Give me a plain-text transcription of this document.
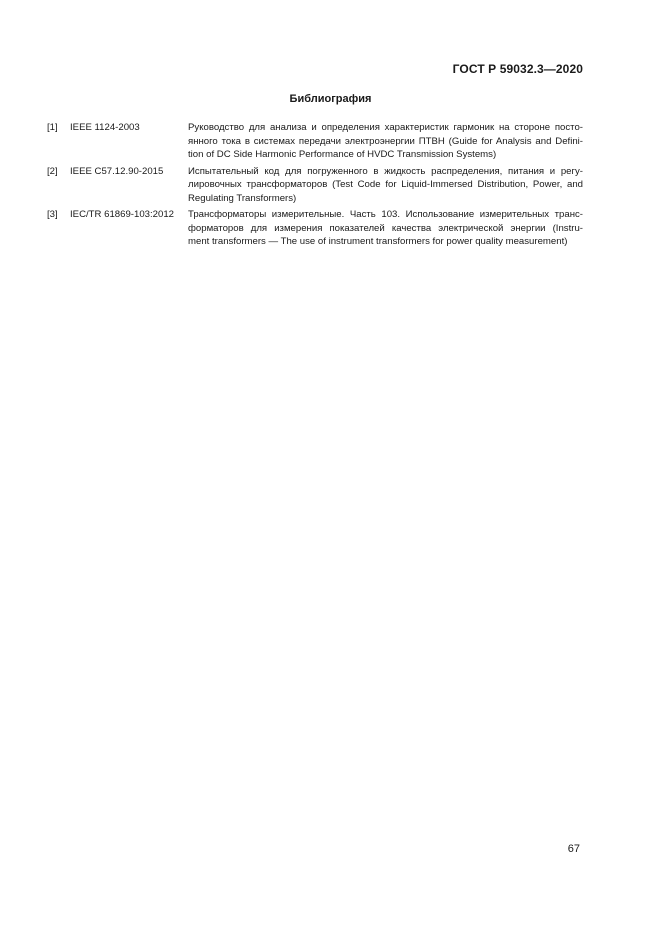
ГОСТ Р 59032.3—2020
Библиография
[1]	IEEE 1124-2003	Руководство для анализа и определения характеристик гармоник на стороне посто-
янного тока в системах передачи электроэнергии ПТВН (Guide for Analysis and Defini-
tion of DC Side Harmonic Performance of HVDC Transmission Systems)
[2]	IEEE C57.12.90-2015	Испытательный код для погруженного в жидкость распределения, питания и регу-
лировочных трансформаторов (Test Code for Liquid-Immersed Distribution, Power, and
Regulating Transformers)
[3]	IEC/TR 61869-103:2012	Трансформаторы измерительные. Часть 103. Использование измерительных транс-
форматоров для измерения показателей качества электрической энергии (Instru-
ment transformers — The use of instrument transformers for power quality measurement)
67
